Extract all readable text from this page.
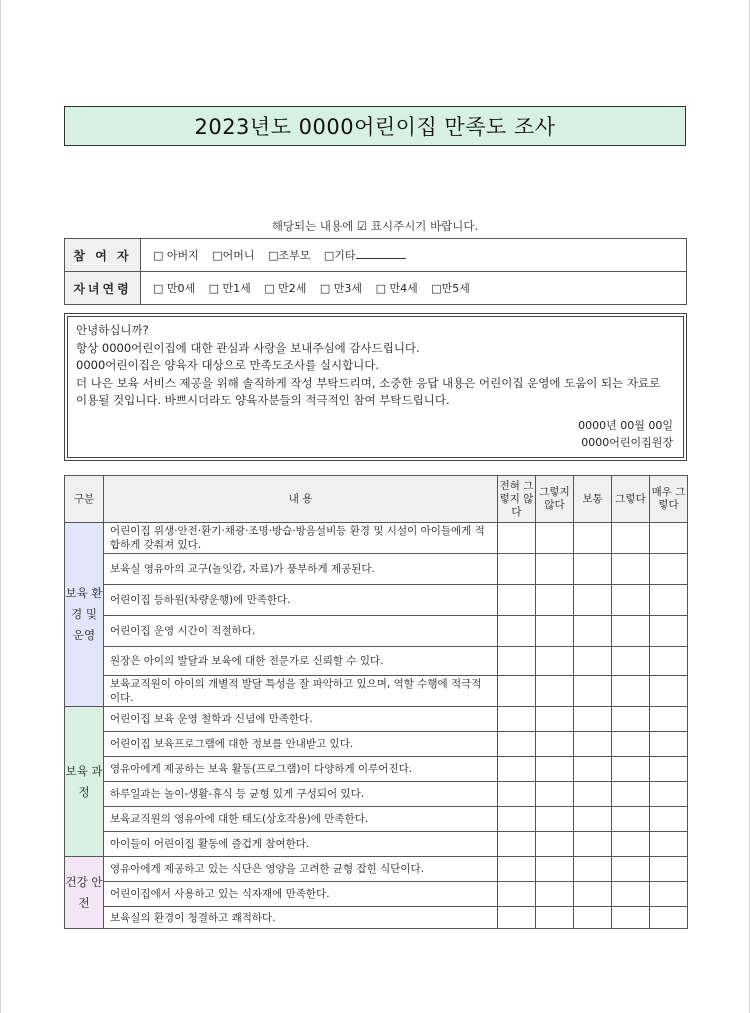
2023년도 0000어린이집 만족도 조사
해당되는 내용에 ☑ 표시주시기 바랍니다.
참 여 자	□ 아버지 □어머니 □조부모 □기타
자녀연령	□ 만0세 □ 만1세 □ 만2세 □ 만3세 □ 만4세 □만5세

안녕하십니까?

항상 0000어린이집에 대한 관심과 사랑을 보내주심에 감사드립니다.

0000어린이집은 양육자 대상으로 만족도조사를 실시합니다.

더 나은 보육 서비스 제공을 위해 솔직하게 작성 부탁드리며, 소중한 응답 내용은 어린이집 운영에 도움이 되는 자료로 이용될 것입니다. 바쁘시더라도 양육자분들의 적극적인 참여 부탁드립니다.

0000년 00월 00일
0000어린이집원장
구분	내 용	전혀 그렇지 않다	그렇지 않다	보통	그렇다	매우 그렇다
보육 환경 및 운영	어린이집 위생·안전·환기·채광·조명·방습·방음설비등 환경 및 시설이 아이들에게 적합하게 갖춰져 있다.					
	보육실 영유아의 교구(놀잇감, 자료)가 풍부하게 제공된다.					
	어린이집 등하원(차량운행)에 만족한다.					
	어린이집 운영 시간이 적절하다.					
	원장은 아이의 발달과 보육에 대한 전문가로 신뢰할 수 있다.					
	보육교직원이 아이의 개별적 발달 특성을 잘 파악하고 있으며, 역할 수행에 적극적이다.					
보육 과정	어린이집 보육 운영 철학과 신념에 만족한다.					
	어린이집 보육프로그램에 대한 정보를 안내받고 있다.					
	영유아에게 제공하는 보육 활동(프로그램)이 다양하게 이루어진다.					
	하루일과는 놀이-생활-휴식 등 균형 있게 구성되어 있다.					
	보육교직원의 영유아에 대한 태도(상호작용)에 만족한다.					
	아이들이 어린이집 활동에 즐겁게 참여한다.					
건강 안전	영유아에게 제공하고 있는 식단은 영양을 고려한 균형 잡힌 식단이다.					
	어린이집에서 사용하고 있는 식자재에 만족한다.					
	보육실의 환경이 청결하고 쾌적하다.					
